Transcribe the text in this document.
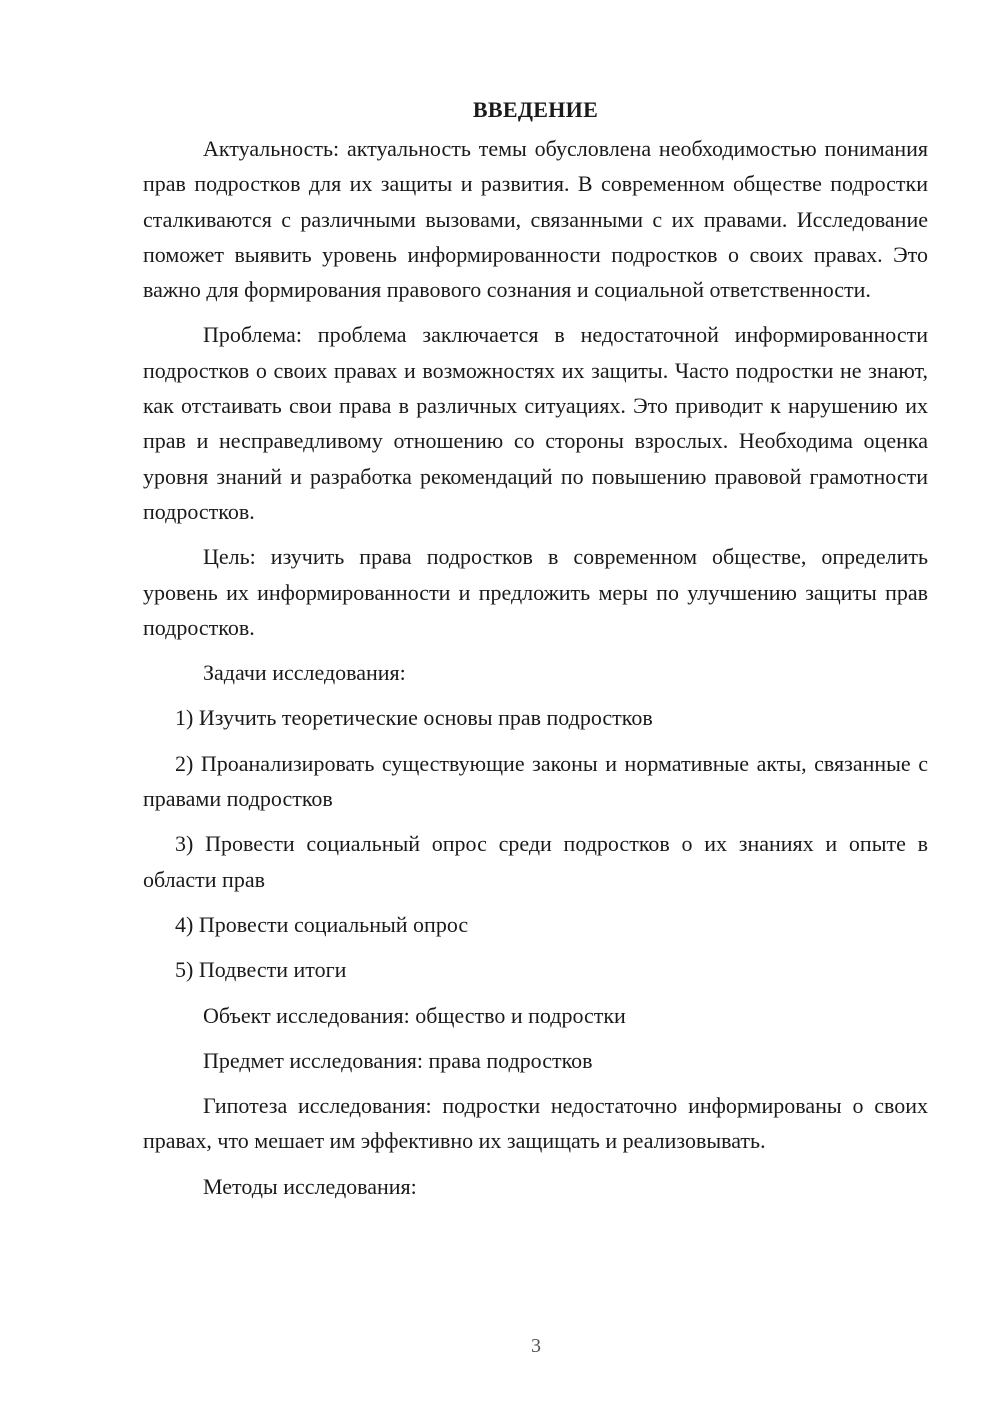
ВВЕДЕНИЕ

Актуальность: актуальность темы обусловлена необходимостью понимания прав подростков для их защиты и развития. В современном обществе подростки сталкиваются с различными вызовами, связанными с их правами. Исследование поможет выявить уровень информированности подростков о своих правах. Это важно для формирования правового сознания и социальной ответственности.

Проблема: проблема заключается в недостаточной информированности подростков о своих правах и возможностях их защиты. Часто подростки не знают, как отстаивать свои права в различных ситуациях. Это приводит к нарушению их прав и несправедливому отношению со стороны взрослых. Необходима оценка уровня знаний и разработка рекомендаций по повышению правовой грамотности подростков.

Цель: изучить права подростков в современном обществе, определить уровень их информированности и предложить меры по улучшению защиты прав подростков.

Задачи исследования:

1) Изучить теоретические основы прав подростков

2) Проанализировать существующие законы и нормативные акты, связанные с правами подростков

3) Провести социальный опрос среди подростков о их знаниях и опыте в области прав

4) Провести социальный опрос

5) Подвести итоги

Объект исследования: общество и подростки

Предмет исследования: права подростков

Гипотеза исследования: подростки недостаточно информированы о своих правах, что мешает им эффективно их защищать и реализовывать.

Методы исследования:

3
